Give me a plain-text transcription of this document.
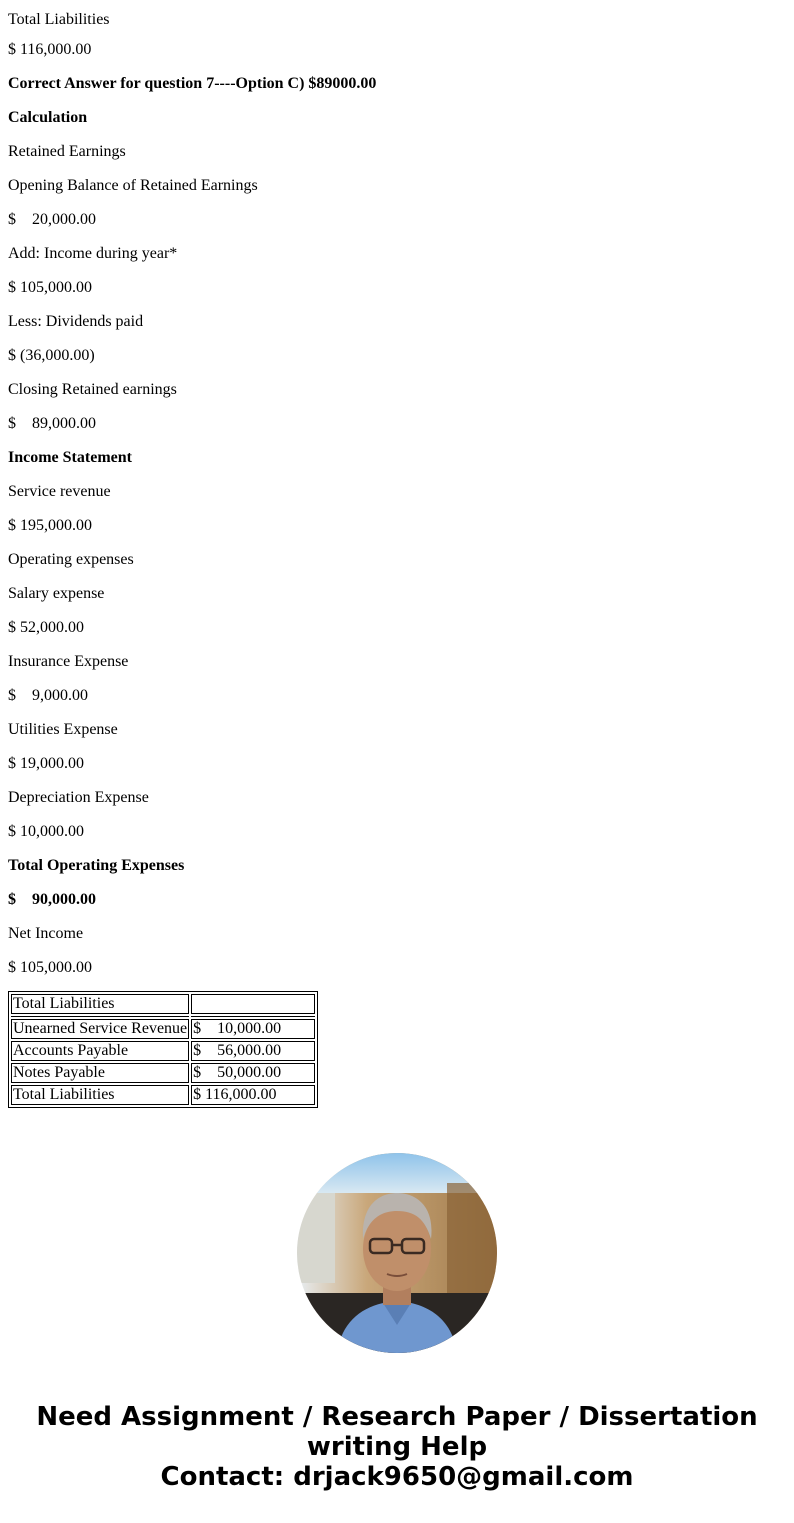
Total Liabilities

$ 116,000.00

Correct Answer for question 7----Option C) $89000.00

Calculation

Retained Earnings

Opening Balance of Retained Earnings

$ 20,000.00

Add: Income during year*

$ 105,000.00

Less: Dividends paid

$ (36,000.00)

Closing Retained earnings

$ 89,000.00

Income Statement

Service revenue

$ 195,000.00

Operating expenses

Salary expense

$ 52,000.00

Insurance Expense

$ 9,000.00

Utilities Expense

$ 19,000.00

Depreciation Expense

$ 10,000.00

Total Operating Expenses

$ 90,000.00

Net Income

$ 105,000.00

Total Liabilities	

Unearned Service Revenue	$ 10,000.00
Accounts Payable	$ 56,000.00
Notes Payable	$ 50,000.00
Total Liabilities	$ 116,000.00
Need Assignment / Research Paper / Dissertation
writing Help
Contact: drjack9650@gmail.com
